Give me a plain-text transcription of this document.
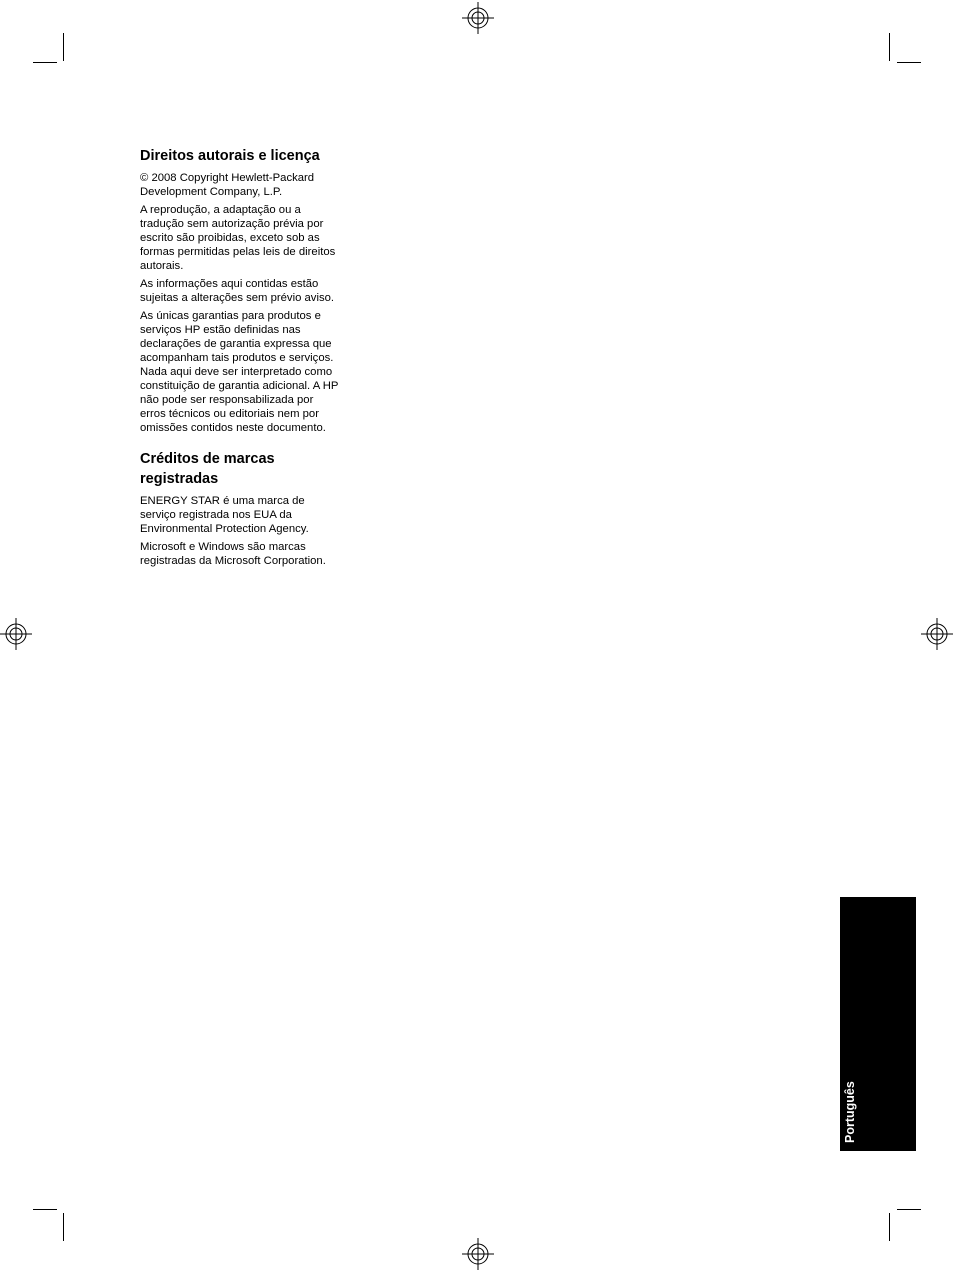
Direitos autorais e licença

© 2008 Copyright Hewlett-Packard
Development Company, L.P.

A reprodução, a adaptação ou a
tradução sem autorização prévia por
escrito são proibidas, exceto sob as
formas permitidas pelas leis de direitos
autorais.

As informações aqui contidas estão
sujeitas a alterações sem prévio aviso.

As únicas garantias para produtos e
serviços HP estão definidas nas
declarações de garantia expressa que
acompanham tais produtos e serviços.
Nada aqui deve ser interpretado como
constituição de garantia adicional. A HP
não pode ser responsabilizada por
erros técnicos ou editoriais nem por
omissões contidos neste documento.

Créditos de marcas
registradas

ENERGY STAR é uma marca de
serviço registrada nos EUA da
Environmental Protection Agency.

Microsoft e Windows são marcas
registradas da Microsoft Corporation.

Português
